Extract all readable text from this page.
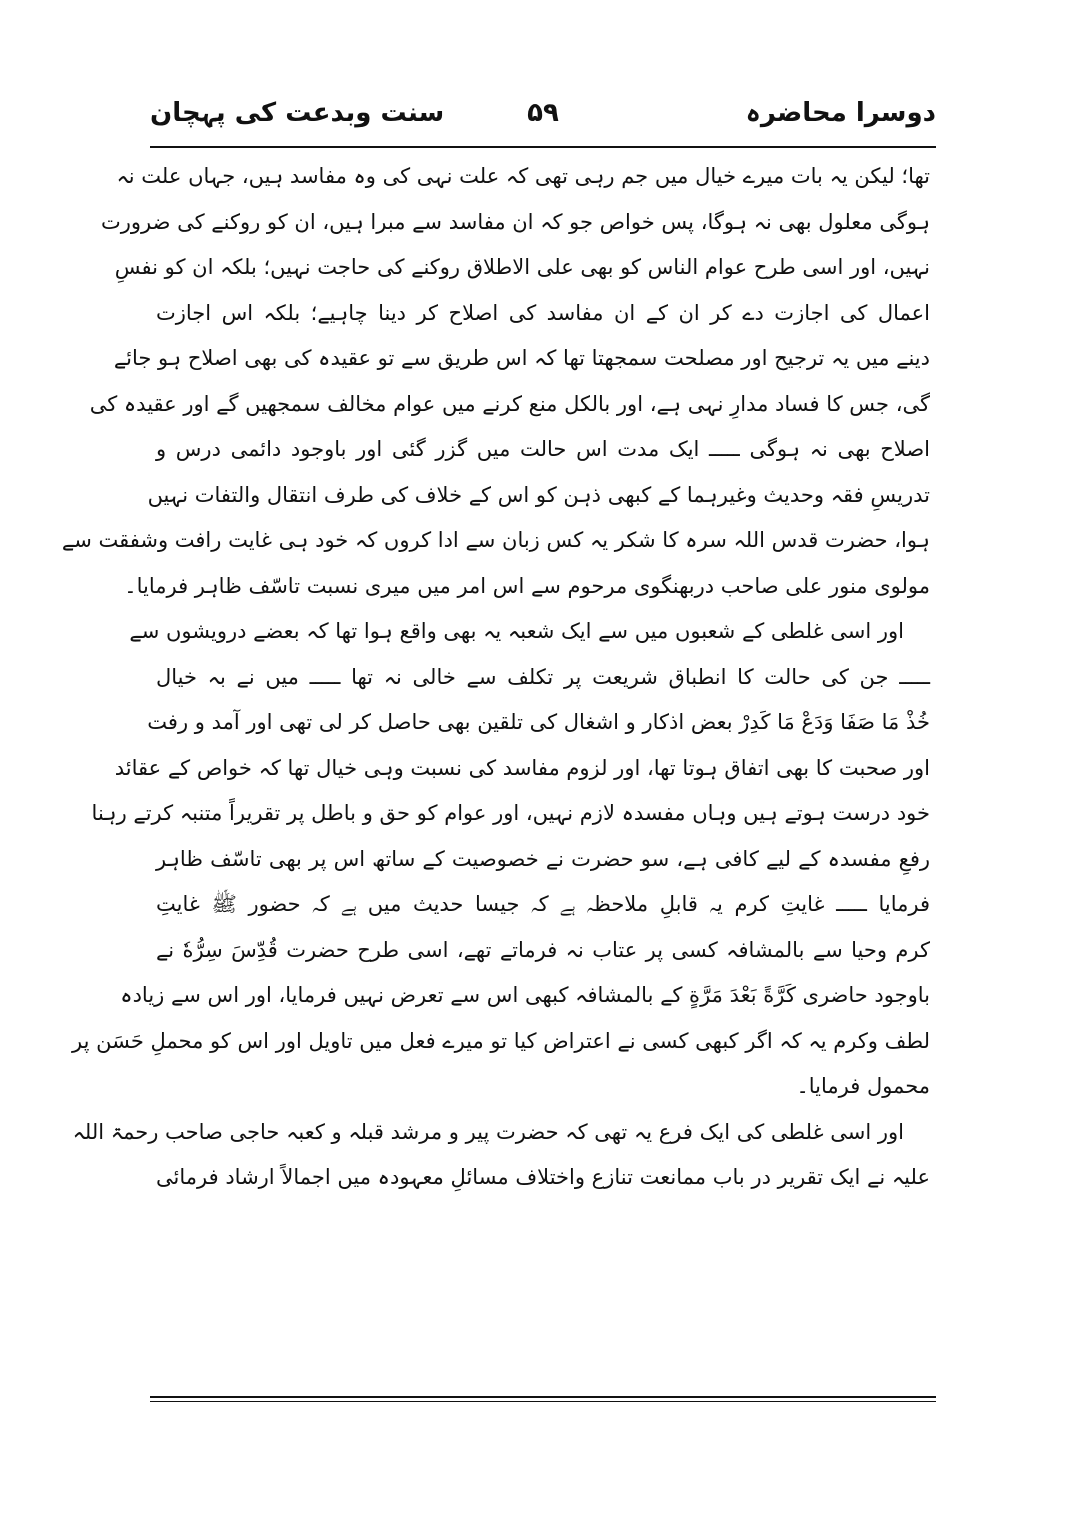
سنت وبدعت کی پہچان	۵۹	دوسرا محاضرہ
تھا؛ لیکن یہ بات میرے خیال میں جم رہی تھی کہ علت نہی کی وہ مفاسد ہیں، جہاں علت نہ
ہوگی معلول بھی نہ ہوگا، پس خواص جو کہ ان مفاسد سے مبرا ہیں، ان کو روکنے کی ضرورت
نہیں، اور اسی طرح عوام الناس کو بھی علی الاطلاق روکنے کی حاجت نہیں؛ بلکہ ان کو نفسِ
اعمال کی اجازت دے کر ان کے ان مفاسد کی اصلاح کر دینا چاہیے؛ بلکہ اس اجازت
دینے میں یہ ترجیح اور مصلحت سمجھتا تھا کہ اس طریق سے تو عقیدہ کی بھی اصلاح ہو جائے
گی، جس کا فساد مدارِ نہی ہے، اور بالکل منع کرنے میں عوام مخالف سمجھیں گے اور عقیدہ کی
اصلاح بھی نہ ہوگی ـــــ ایک مدت اس حالت میں گزر گئی اور باوجود دائمی درس و
تدریسِ فقہ وحدیث وغیرہما کے کبھی ذہن کو اس کے خلاف کی طرف انتقال والتفات نہیں
ہوا، حضرت قدس اللہ سرہ کا شکر یہ کس زبان سے ادا کروں کہ خود ہی غایت رافت وشفقت سے
مولوی منور علی صاحب دربھنگوی مرحوم سے اس امر میں میری نسبت تاسّف ظاہر فرمایا۔
اور اسی غلطی کے شعبوں میں سے ایک شعبہ یہ بھی واقع ہوا تھا کہ بعضے درویشوں سے
ـــــ جن کی حالت کا انطباق شریعت پر تکلف سے خالی نہ تھا ـــــ میں نے بہ خیال
خُذْ مَا صَفَا وَدَعْ مَا كَدِرْ بعض اذکار و اشغال کی تلقین بھی حاصل کر لی تھی اور آمد و رفت
اور صحبت کا بھی اتفاق ہوتا تھا، اور لزوم مفاسد کی نسبت وہی خیال تھا کہ خواص کے عقائد
خود درست ہوتے ہیں وہاں مفسدہ لازم نہیں، اور عوام کو حق و باطل پر تقریراً متنبہ کرتے رہنا
رفعِ مفسدہ کے لیے کافی ہے، سو حضرت نے خصوصیت کے ساتھ اس پر بھی تاسّف ظاہر
فرمایا ـــــ غایتِ کرم یہ قابلِ ملاحظہ ہے کہ جیسا حدیث میں ہے کہ حضور ﷺ غایتِ
کرم وحیا سے بالمشافہ کسی پر عتاب نہ فرماتے تھے، اسی طرح حضرت قُدِّسَ سِرُّهٗ نے
باوجود حاضری كَرَّةً بَعْدَ مَرَّةٍ کے بالمشافہ کبھی اس سے تعرض نہیں فرمایا، اور اس سے زیادہ
لطف وکرم یہ کہ اگر کبھی کسی نے اعتراض کیا تو میرے فعل میں تاویل اور اس کو محملِ حَسَن پر
محمول فرمایا۔
اور اسی غلطی کی ایک فرع یہ تھی کہ حضرت پیر و مرشد قبلہ و کعبہ حاجی صاحب رحمۃ اللہ
علیہ نے ایک تقریر در باب ممانعت تنازع واختلاف مسائلِ معہودہ میں اجمالاً ارشاد فرمائی
